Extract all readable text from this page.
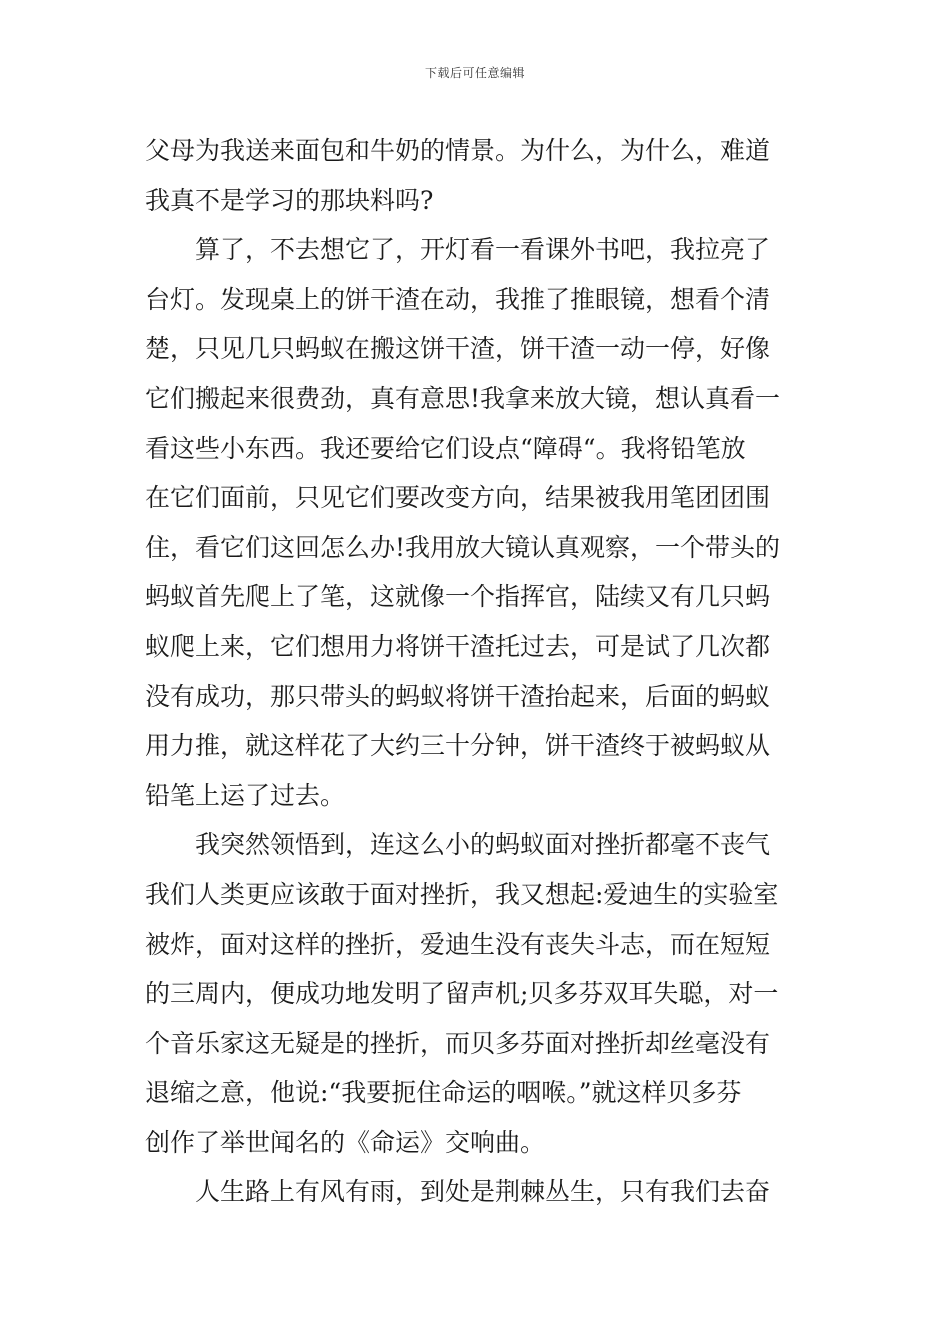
下载后可任意编辑
父母为我送来面包和牛奶的情景。为什么，为什么，难道
我真不是学习的那块料吗?
　　算了，不去想它了，开灯看一看课外书吧，我拉亮了
台灯。发现桌上的饼干渣在动，我推了推眼镜，想看个清
楚，只见几只蚂蚁在搬这饼干渣，饼干渣一动一停，好像
它们搬起来很费劲，真有意思!我拿来放大镜，想认真看一
看这些小东西。我还要给它们设点“障碍“。我将铅笔放
在它们面前，只见它们要改变方向，结果被我用笔团团围
住，看它们这回怎么办!我用放大镜认真观察，一个带头的
蚂蚁首先爬上了笔，这就像一个指挥官，陆续又有几只蚂
蚁爬上来，它们想用力将饼干渣托过去，可是试了几次都
没有成功，那只带头的蚂蚁将饼干渣抬起来，后面的蚂蚁
用力推，就这样花了大约三十分钟，饼干渣终于被蚂蚁从
铅笔上运了过去。
　　我突然领悟到，连这么小的蚂蚁面对挫折都毫不丧气
我们人类更应该敢于面对挫折，我又想起:爱迪生的实验室
被炸，面对这样的挫折，爱迪生没有丧失斗志，而在短短
的三周内，便成功地发明了留声机;贝多芬双耳失聪，对一
个音乐家这无疑是的挫折，而贝多芬面对挫折却丝毫没有
退缩之意，他说:“我要扼住命运的咽喉。”就这样贝多芬
创作了举世闻名的《命运》交响曲。
　　人生路上有风有雨，到处是荆棘丛生，只有我们去奋
